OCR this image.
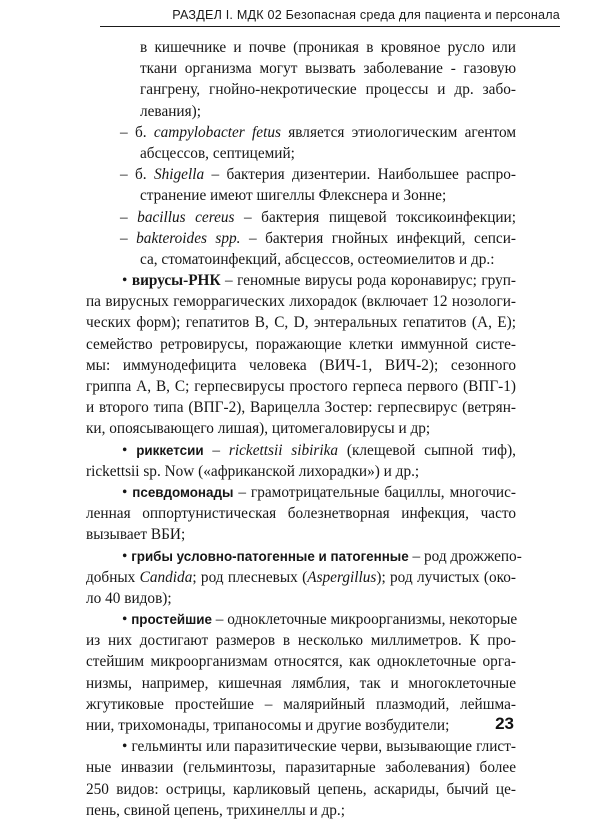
РАЗДЕЛ I. МДК 02 Безопасная среда для пациента и персонала
в кишечнике и почве (проникая в кровяное русло или
ткани организма могут вызвать заболевание - газовую
гангрену, гнойно-некротические процессы и др. забо-
левания);
– б. campylobacter fetus является этиологическим агентом
абсцессов, септицемий;
– б. Shigella – бактерия дизентерии. Наибольшее распро-
странение имеют шигеллы Флекснера и Зонне;
– bacillus cereus – бактерия пищевой токсикоинфекции;
– bakteroides spp. – бактерия гнойных инфекций, сепси-
са, стоматоинфекций, абсцессов, остеомиелитов и др.:
• вирусы-РНК – геномные вирусы рода коронавирус; груп-
па вирусных геморрагических лихорадок (включает 12 нозологи-
ческих форм); гепатитов B, C, D, энтеральных гепатитов (A, E);
семейство ретровирусы, поражающие клетки иммунной систе-
мы: иммунодефицита человека (ВИЧ-1, ВИЧ-2); сезонного
гриппа A, B, C; герпесвирусы простого герпеса первого (ВПГ-1)
и второго типа (ВПГ-2), Варицелла Зостер: герпесвирус (ветрян-
ки, опоясывающего лишая), цитомегаловирусы и др;
• риккетсии – rickettsii sibirika (клещевой сыпной тиф),
rickettsii sp. Now («африканской лихорадки») и др.;
• псевдомонады – грамотрицательные бациллы, многочис-
ленная оппортунистическая болезнетворная инфекция, часто
вызывает ВБИ;
• грибы условно-патогенные и патогенные – род дрожжепо-
добных Candida; род плесневых (Aspergillus); род лучистых (око-
ло 40 видов);
• простейшие – одноклеточные микроорганизмы, некоторые
из них достигают размеров в несколько миллиметров. К про-
стейшим микроорганизмам относятся, как одноклеточные орга-
низмы, например, кишечная лямблия, так и многоклеточные
жгутиковые простейшие – малярийный плазмодий, лейшма-
нии, трихомонады, трипаносомы и другие возбудители;
• гельминты или паразитические черви, вызывающие глист-
ные инвазии (гельминтозы, паразитарные заболевания) более
250 видов: острицы, карликовый цепень, аскариды, бычий це-
пень, свиной цепень, трихинеллы и др.;
23
